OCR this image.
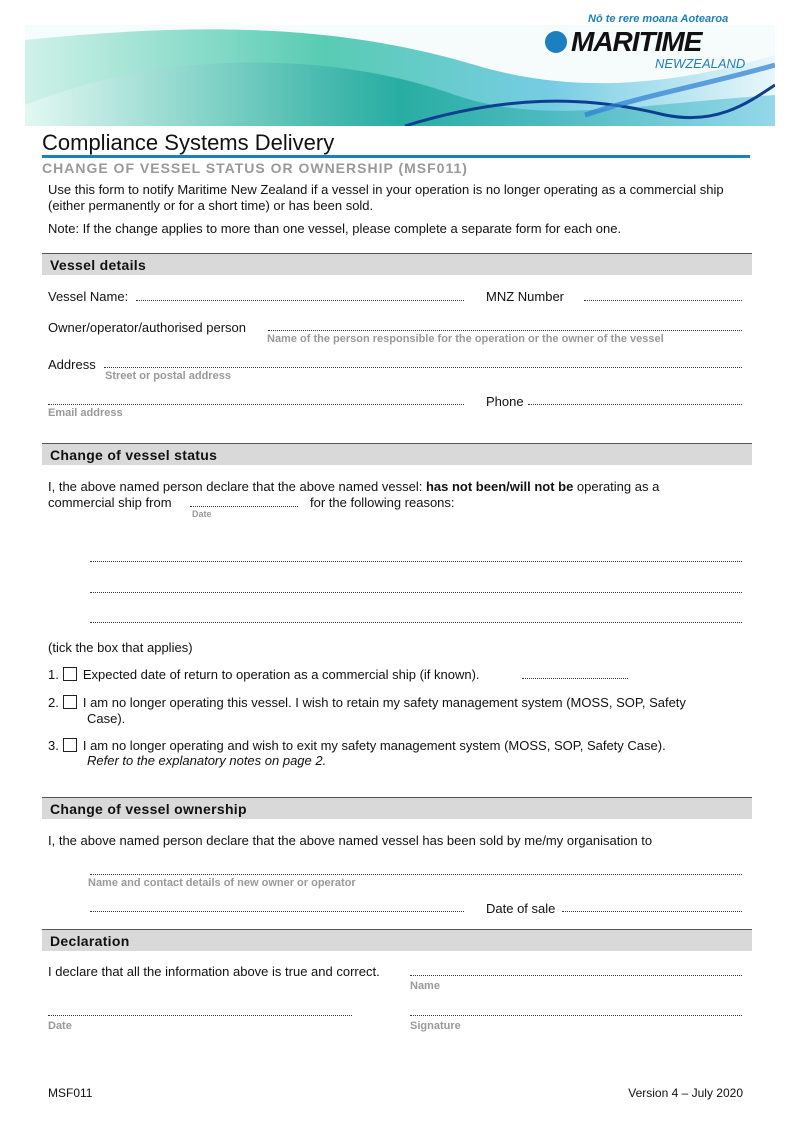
Nō te rere moana Aotearoa
MARITIME
NEWZEALAND
Compliance Systems Delivery
CHANGE OF VESSEL STATUS OR OWNERSHIP (MSF011)
Use this form to notify Maritime New Zealand if a vessel in your operation is no longer operating as a commercial ship (either permanently or for a short time) or has been sold.
Note: If the change applies to more than one vessel, please complete a separate form for each one.
Vessel details
Vessel Name:	MNZ Number
Owner/operator/authorised person
Name of the person responsible for the operation or the owner of the vessel
Address
Street or postal address
Email address
Phone
Change of vessel status
I, the above named person declare that the above named vessel: has not been/will not be operating as a
commercial ship from
Date
for the following reasons:
(tick the box that applies)
1. Expected date of return to operation as a commercial ship (if known).
2. I am no longer operating this vessel. I wish to retain my safety management system (MOSS, SOP, Safety
Case).
3. I am no longer operating and wish to exit my safety management system (MOSS, SOP, Safety Case).
Refer to the explanatory notes on page 2.
Change of vessel ownership
I, the above named person declare that the above named vessel has been sold by me/my organisation to
Name and contact details of new owner or operator
Date of sale
Declaration
I declare that all the information above is true and correct.
Name
Date	Signature
MSF011	Version 4 – July 2020
